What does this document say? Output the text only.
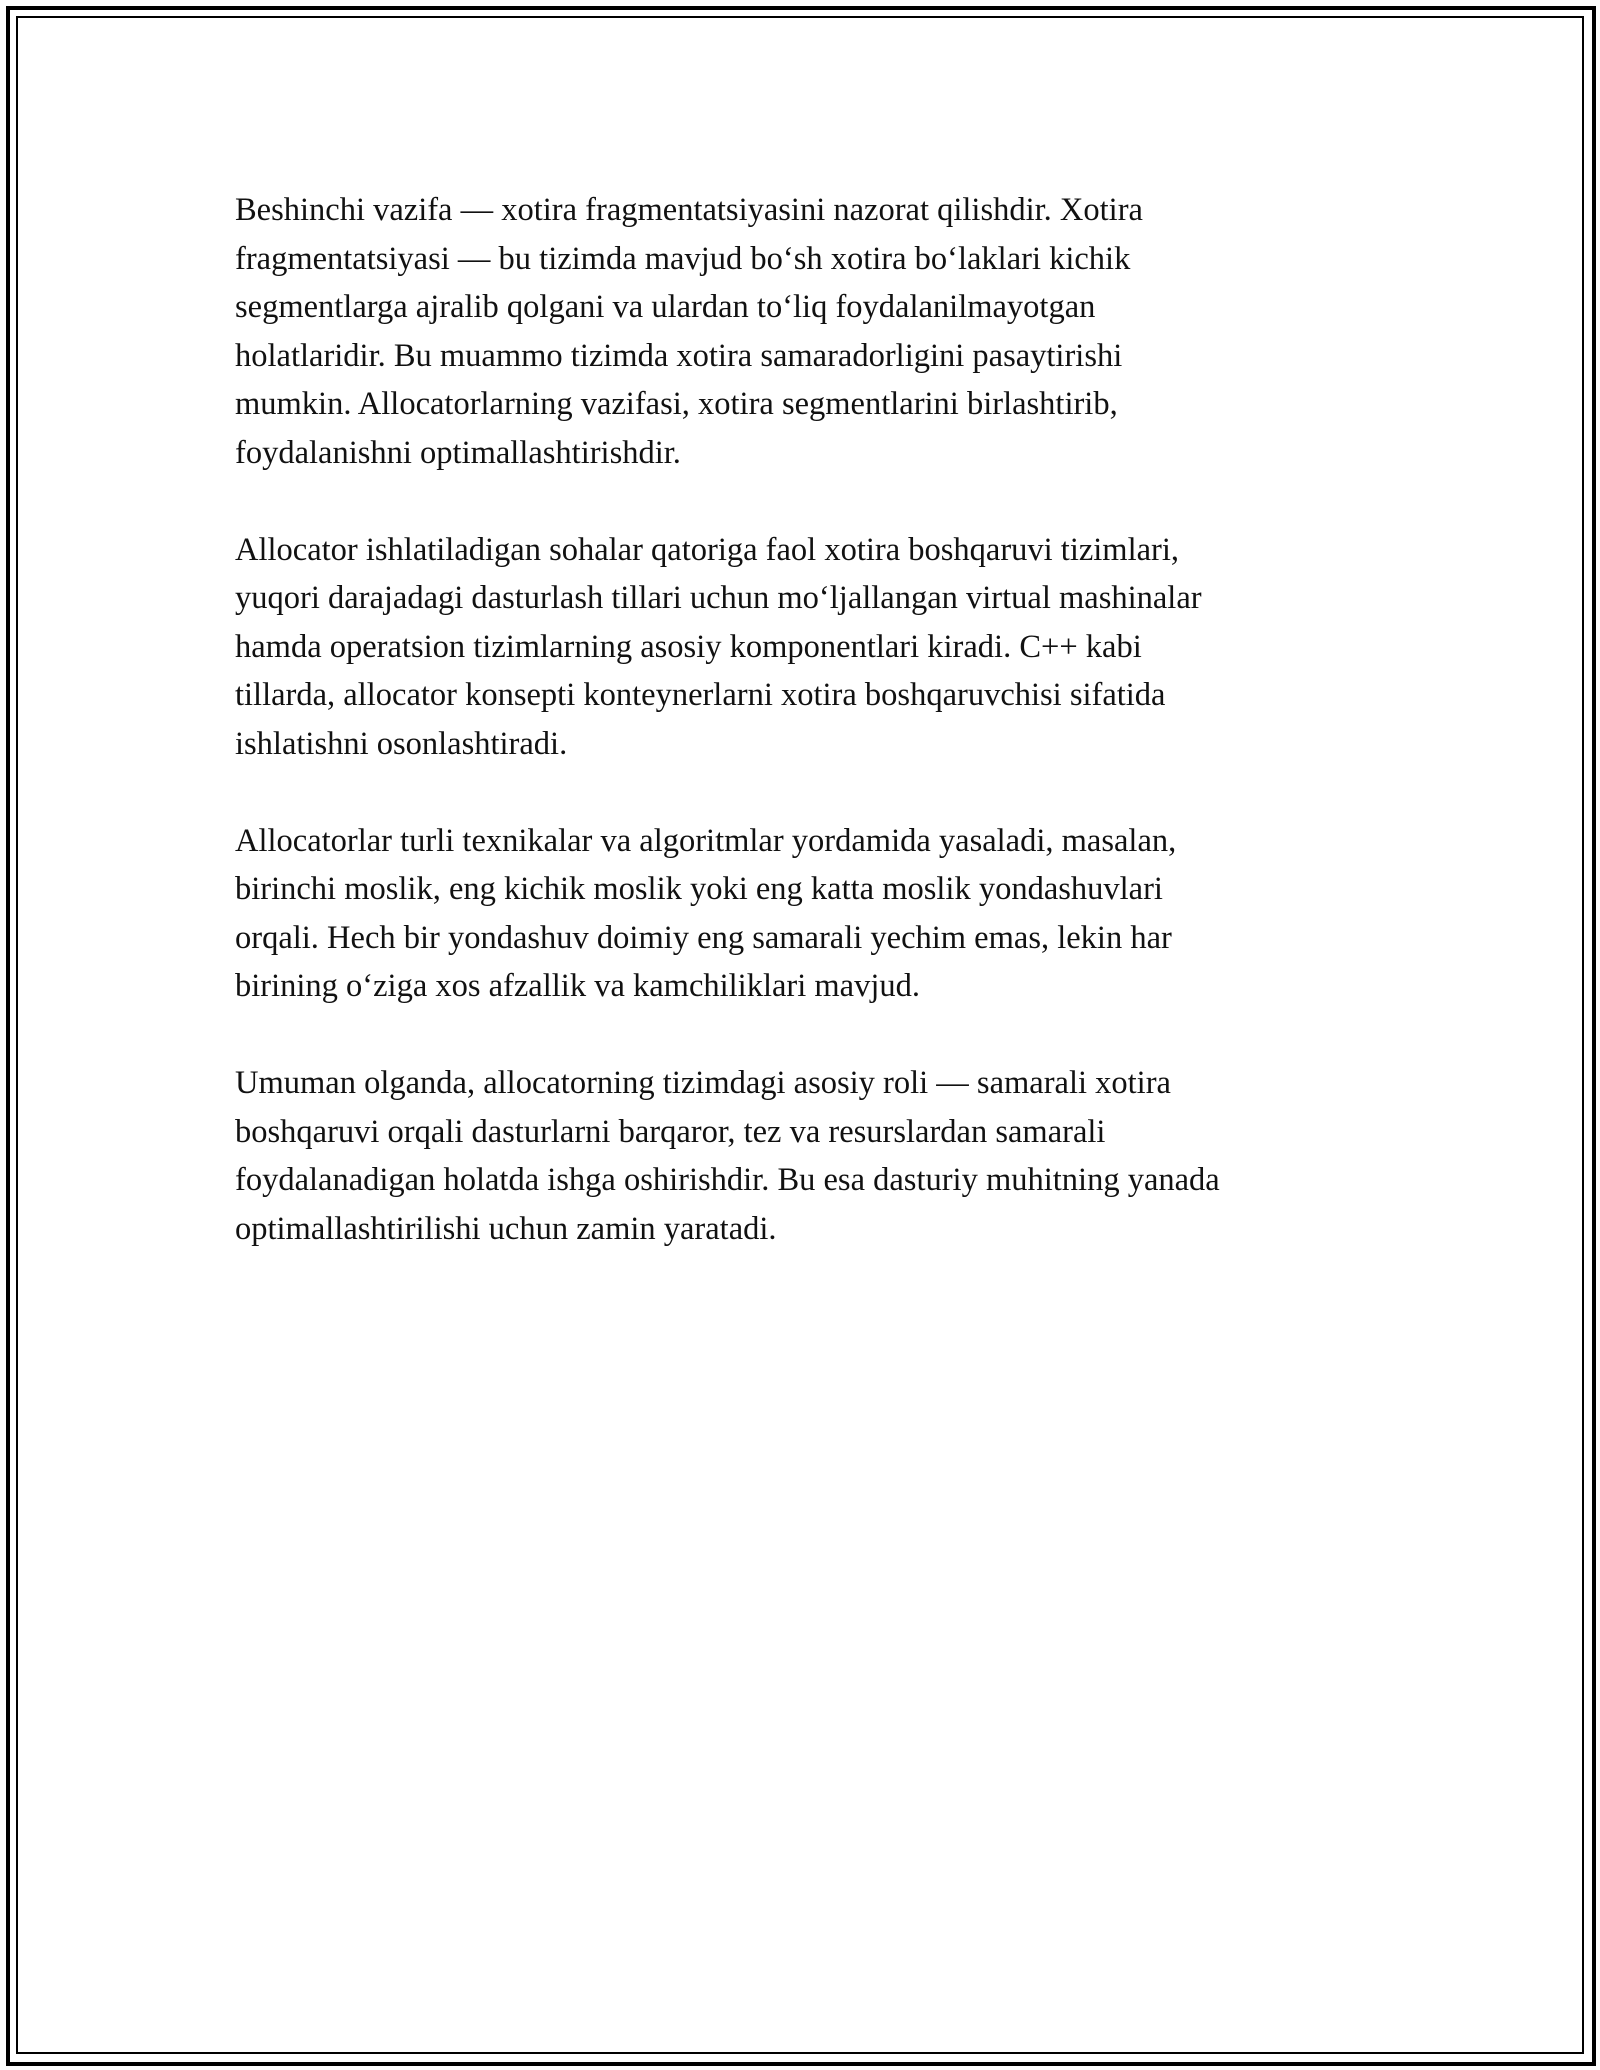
Beshinchi vazifa — xotira fragmentatsiyasini nazorat qilishdir. Xotira
fragmentatsiyasi — bu tizimda mavjud bo‘sh xotira bo‘laklari kichik
segmentlarga ajralib qolgani va ulardan to‘liq foydalanilmayotgan
holatlaridir. Bu muammo tizimda xotira samaradorligini pasaytirishi
mumkin. Allocatorlarning vazifasi, xotira segmentlarini birlashtirib,
foydalanishni optimallashtirishdir.

Allocator ishlatiladigan sohalar qatoriga faol xotira boshqaruvi tizimlari,
yuqori darajadagi dasturlash tillari uchun mo‘ljallangan virtual mashinalar
hamda operatsion tizimlarning asosiy komponentlari kiradi. C++ kabi
tillarda, allocator konsepti konteynerlarni xotira boshqaruvchisi sifatida
ishlatishni osonlashtiradi.

Allocatorlar turli texnikalar va algoritmlar yordamida yasaladi, masalan,
birinchi moslik, eng kichik moslik yoki eng katta moslik yondashuvlari
orqali. Hech bir yondashuv doimiy eng samarali yechim emas, lekin har
birining o‘ziga xos afzallik va kamchiliklari mavjud.

Umuman olganda, allocatorning tizimdagi asosiy roli — samarali xotira
boshqaruvi orqali dasturlarni barqaror, tez va resurslardan samarali
foydalanadigan holatda ishga oshirishdir. Bu esa dasturiy muhitning yanada
optimallashtirilishi uchun zamin yaratadi.
